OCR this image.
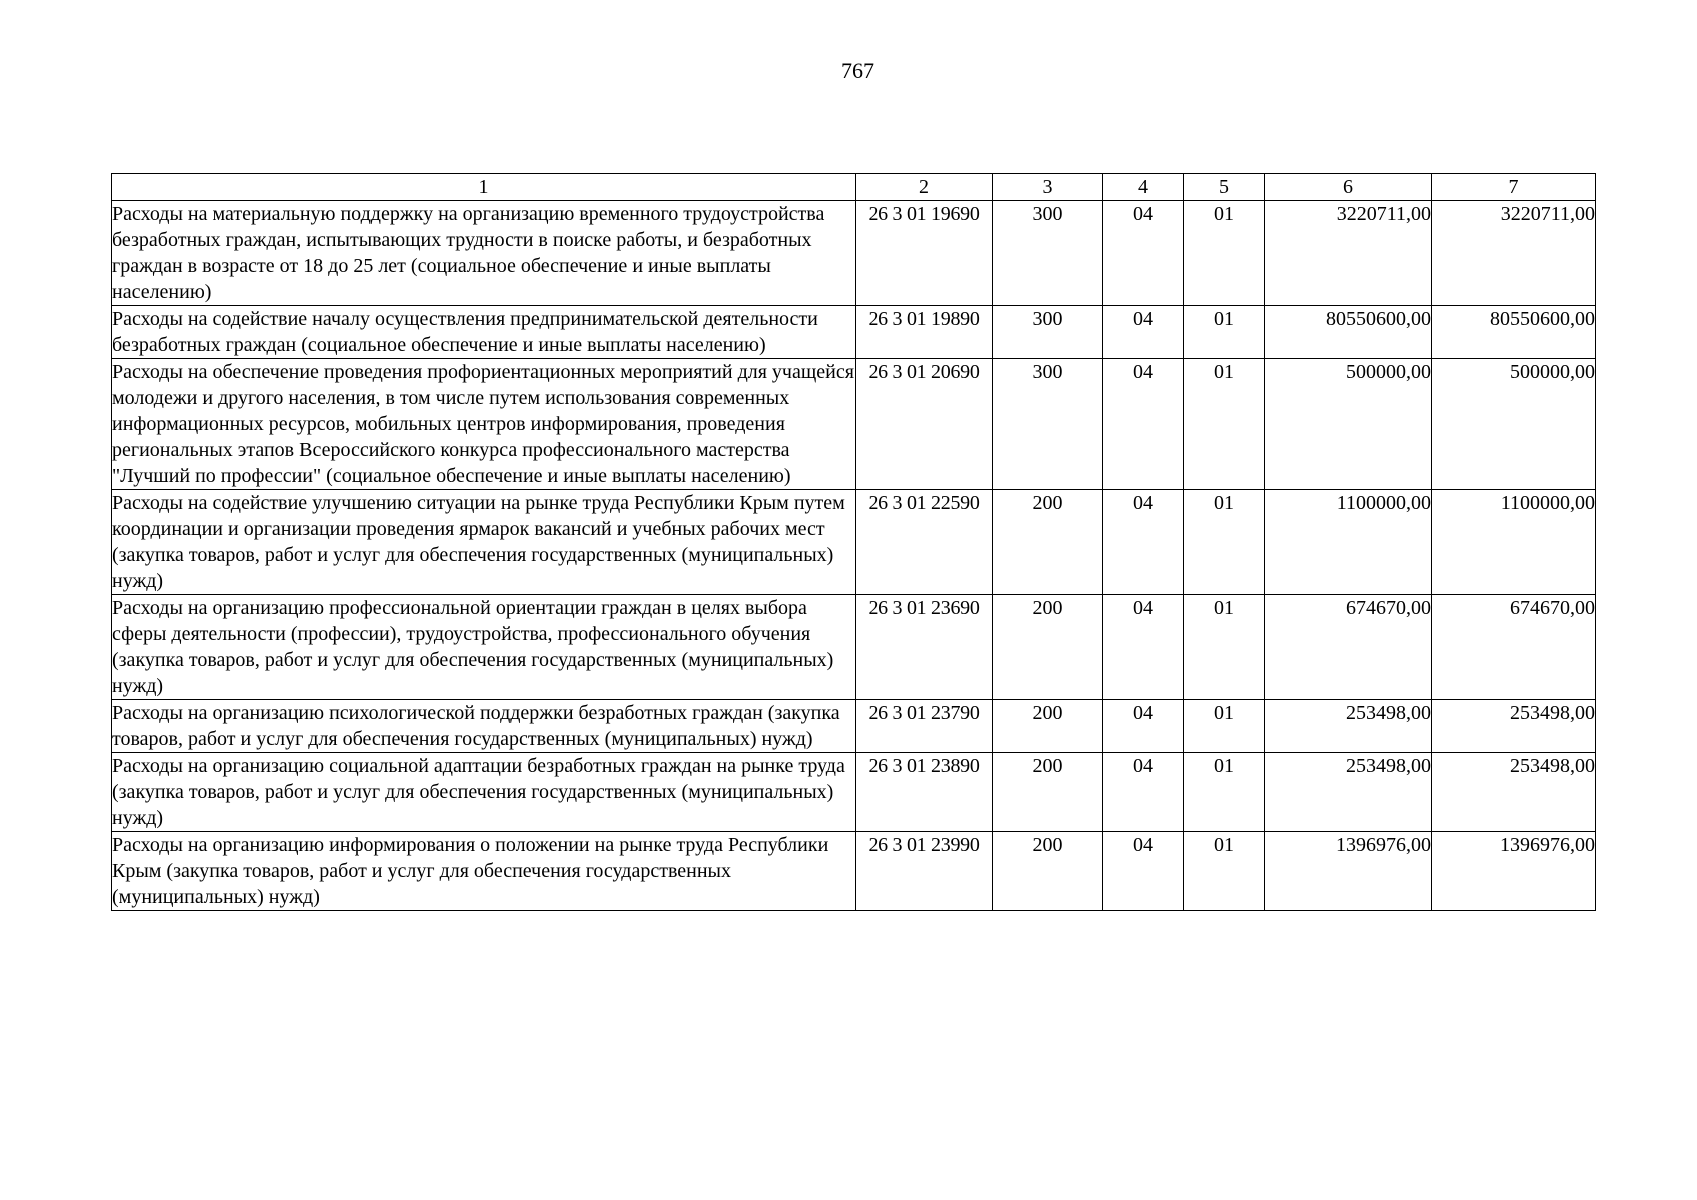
767
1	2	3	4	5	6	7
Расходы на материальную поддержку на организацию временного трудоустройства безработных граждан, испытывающих трудности в поиске работы, и безработных граждан в возрасте от 18 до 25 лет (социальное обеспечение и иные выплаты населению)	26 3 01 19690	300	04	01	3220711,00	3220711,00
Расходы на содействие началу осуществления предпринимательской деятельности безработных граждан (социальное обеспечение и иные выплаты населению)	26 3 01 19890	300	04	01	80550600,00	80550600,00
Расходы на обеспечение проведения профориентационных мероприятий для учащейся молодежи и другого населения, в том числе путем использования современных информационных ресурсов, мобильных центров информирования, проведения региональных этапов Всероссийского конкурса профессионального мастерства "Лучший по профессии" (социальное обеспечение и иные выплаты населению)	26 3 01 20690	300	04	01	500000,00	500000,00
Расходы на содействие улучшению ситуации на рынке труда Республики Крым путем координации и организации проведения ярмарок вакансий и учебных рабочих мест (закупка товаров, работ и услуг для обеспечения государственных (муниципальных) нужд)	26 3 01 22590	200	04	01	1100000,00	1100000,00
Расходы на организацию профессиональной ориентации граждан в целях выбора сферы деятельности (профессии), трудоустройства, профессионального обучения (закупка товаров, работ и услуг для обеспечения государственных (муниципальных) нужд)	26 3 01 23690	200	04	01	674670,00	674670,00
Расходы на организацию психологической поддержки безработных граждан (закупка товаров, работ и услуг для обеспечения государственных (муниципальных) нужд)	26 3 01 23790	200	04	01	253498,00	253498,00
Расходы на организацию социальной адаптации безработных граждан на рынке труда (закупка товаров, работ и услуг для обеспечения государственных (муниципальных) нужд)	26 3 01 23890	200	04	01	253498,00	253498,00
Расходы на организацию информирования о положении на рынке труда Республики Крым (закупка товаров, работ и услуг для обеспечения государственных (муниципальных) нужд)	26 3 01 23990	200	04	01	1396976,00	1396976,00
